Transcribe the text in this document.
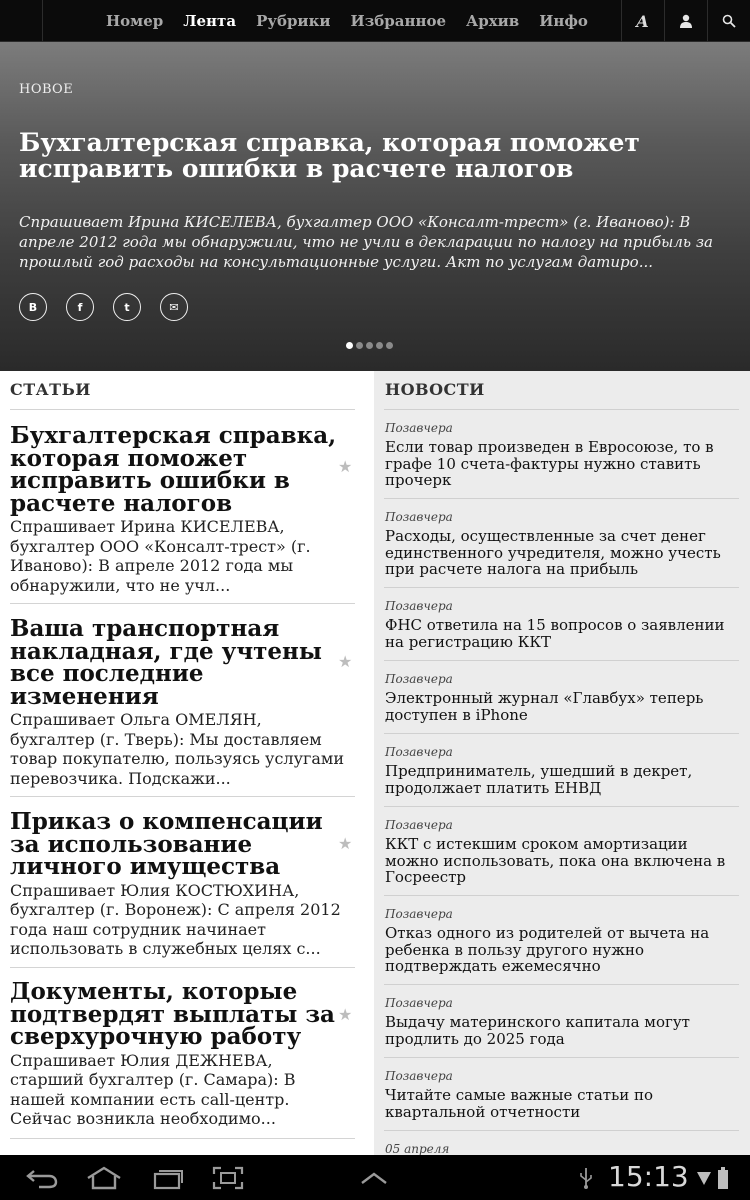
Номер Лента Рубрики Избранное Архив Инфо	A
НОВОЕ
Бухгалтерская справка, которая поможет исправить ошибки в расчете налогов
Спрашивает Ирина КИСЕЛЕВА, бухгалтер ООО «Консалт-трест» (г. Иваново): В апреле 2012 года мы обнаружили, что не учли в декларации по налогу на прибыль за прошлый год расходы на консультационные услуги. Акт по услугам датиро...
B	f	t	✉
СТАТЬИ
Бухгалтерская справка, которая поможет исправить ошибки в расчете налогов
Спрашивает Ирина КИСЕЛЕВА, бухгалтер ООО «Консалт-трест» (г. Иваново): В апреле 2012 года мы обнаружили, что не учл...
★
Ваша транспортная накладная, где учтены все последние изменения
Спрашивает Ольга ОМЕЛЯН, бухгалтер (г. Тверь): Мы доставляем товар покупателю, пользуясь услугами перевозчика. Подскажи...
★
Приказ о компенсации за использование личного имущества
Спрашивает Юлия КОСТЮХИНА, бухгалтер (г. Воронеж): С апреля 2012 года наш сотрудник начинает использовать в служебных целях с...
★
Документы, которые подтвердят выплаты за сверхурочную работу
Спрашивает Юлия ДЕЖНЕВА, старший бухгалтер (г. Самара): В нашей компании есть call-центр. Сейчас возникла необходимо...
★
НОВОСТИ
Позавчера
Если товар произведен в Евросоюзе, то в графе 10 счета-фактуры нужно ставить прочерк
Позавчера
Расходы, осуществленные за счет денег единственного учредителя, можно учесть при расчете налога на прибыль
Позавчера
ФНС ответила на 15 вопросов о заявлении на регистрацию ККТ
Позавчера
Электронный журнал «Главбух» теперь доступен в iPhone
Позавчера
Предприниматель, ушедший в декрет, продолжает платить ЕНВД
Позавчера
ККТ с истекшим сроком амортизации можно использовать, пока она включена в Госреестр
Позавчера
Отказ одного из родителей от вычета на ребенка в пользу другого нужно подтверждать ежемесячно
Позавчера
Выдачу материнского капитала могут продлить до 2025 года
Позавчера
Читайте самые важные статьи по квартальной отчетности
05 апреля
15:13
